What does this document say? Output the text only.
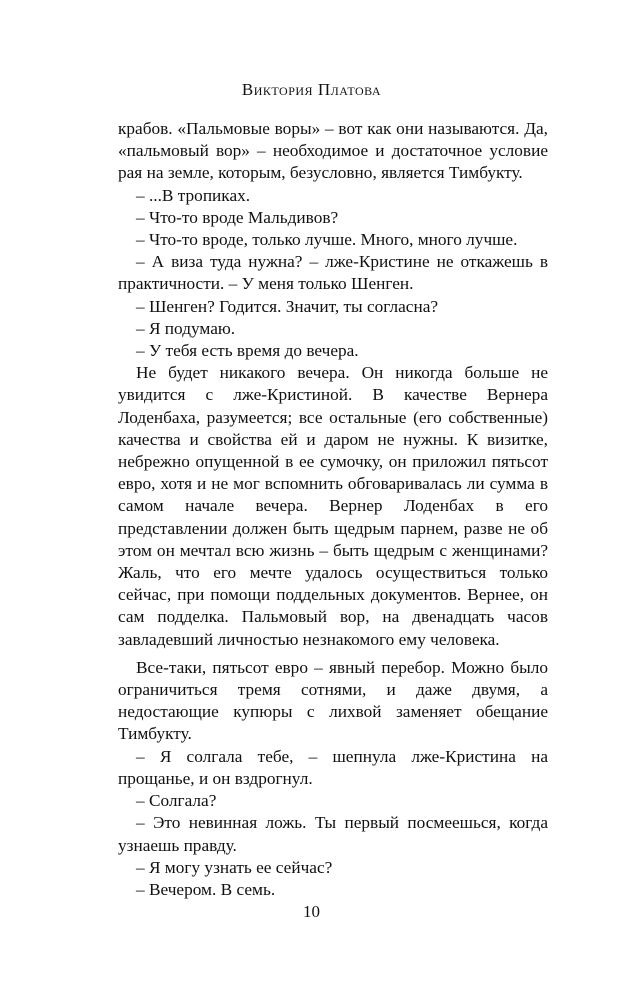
Виктория Платова

крабов. «Пальмовые воры» – вот как они называются. Да, «пальмовый вор» – необходимое и достаточное условие рая на земле, которым, безусловно, является Тимбукту.

– ...В тропиках.

– Что-то вроде Мальдивов?

– Что-то вроде, только лучше. Много, много лучше.

– А виза туда нужна? – лже-Кристине не откажешь в практичности. – У меня только Шенген.

– Шенген? Годится. Значит, ты согласна?

– Я подумаю.

– У тебя есть время до вечера.

Не будет никакого вечера. Он никогда больше не увидится с лже-Кристиной. В качестве Вернера Лоденбаха, разумеется; все остальные (его собственные) качества и свойства ей и даром не нужны. К визитке, небрежно опущенной в ее сумочку, он приложил пятьсот евро, хотя и не мог вспомнить обговаривалась ли сумма в самом начале вечера. Вернер Лоденбах в его представлении должен быть щедрым парнем, разве не об этом он мечтал всю жизнь – быть щедрым с женщинами? Жаль, что его мечте удалось осуществиться только сейчас, при помощи поддельных документов. Вернее, он сам подделка. Пальмовый вор, на двенадцать часов завладевший личностью незнакомого ему человека.

Все-таки, пятьсот евро – явный перебор. Можно было ограничиться тремя сотнями, и даже двумя, а недостающие купюры с лихвой заменяет обещание Тимбукту.

– Я солгала тебе, – шепнула лже-Кристина на прощанье, и он вздрогнул.

– Солгала?

– Это невинная ложь. Ты первый посмеешься, когда узнаешь правду.

– Я могу узнать ее сейчас?

– Вечером. В семь.

10
